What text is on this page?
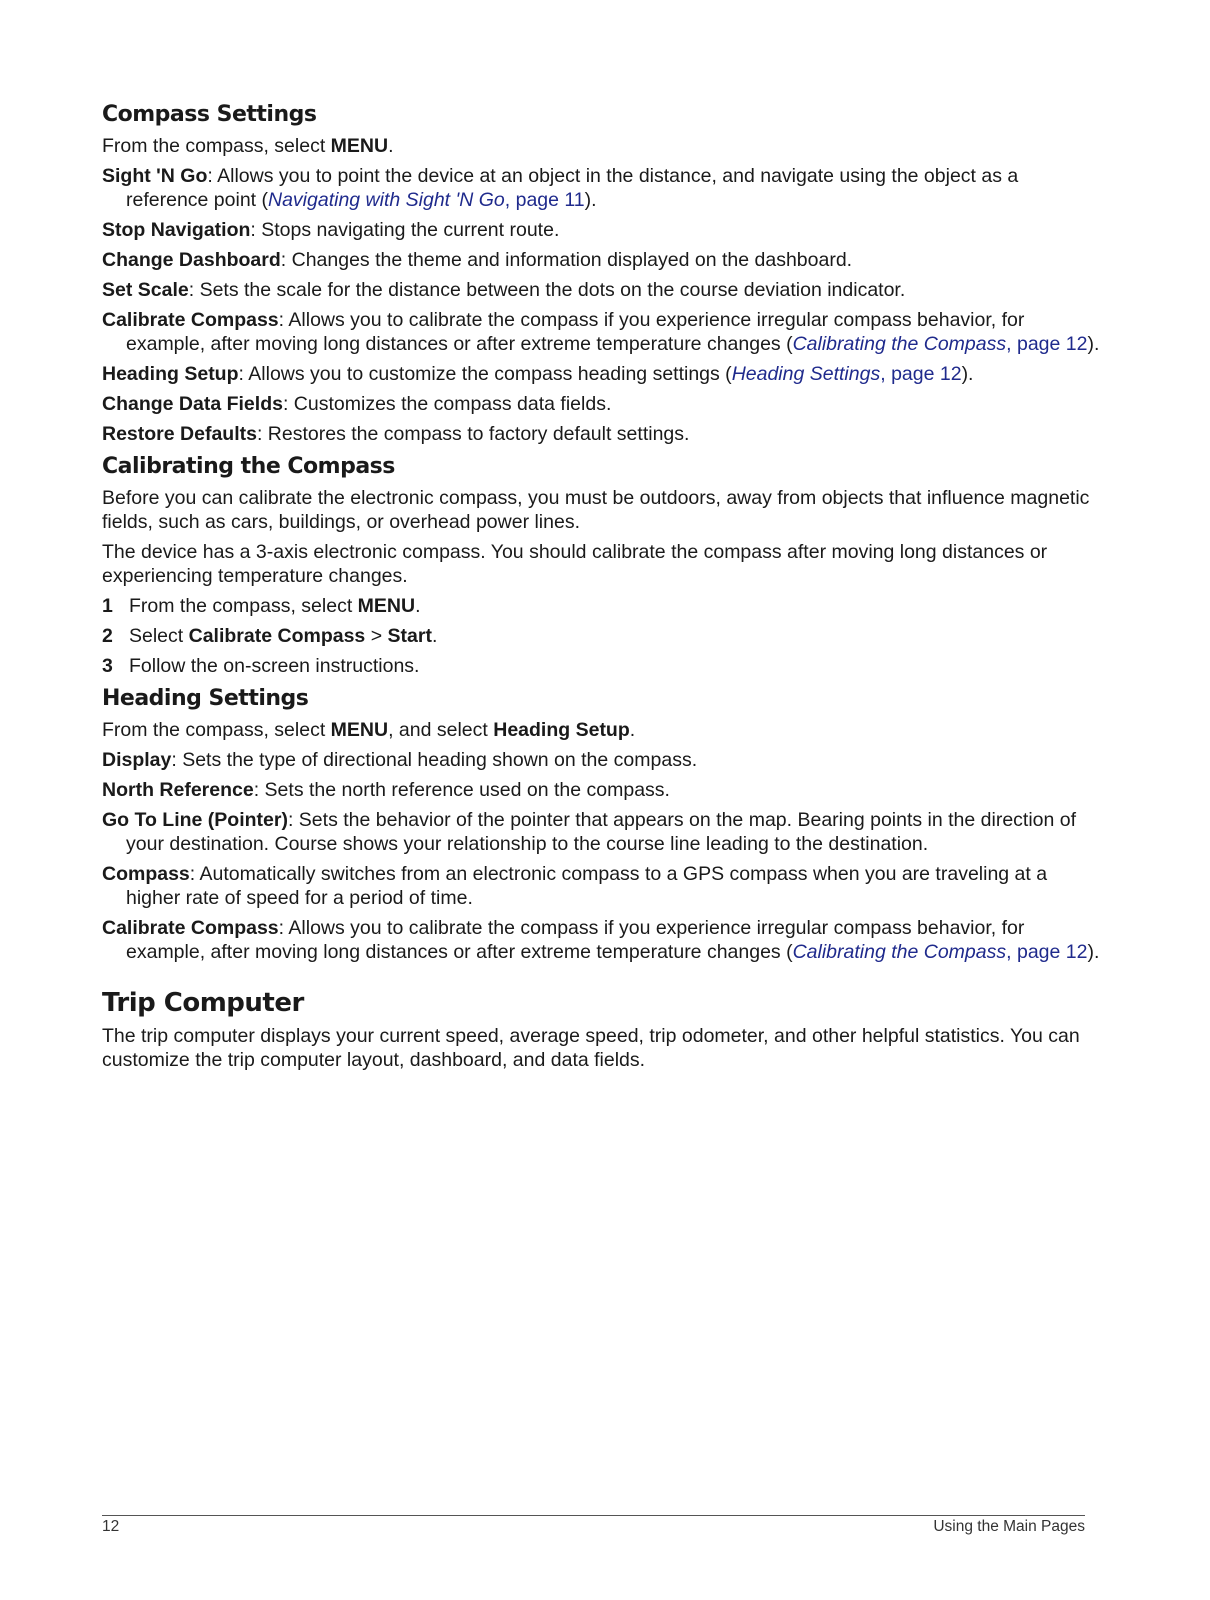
Compass Settings

From the compass, select MENU.

Sight 'N Go: Allows you to point the device at an object in the distance, and navigate using the object as a reference point (Navigating with Sight 'N Go, page 11).

Stop Navigation: Stops navigating the current route.

Change Dashboard: Changes the theme and information displayed on the dashboard.

Set Scale: Sets the scale for the distance between the dots on the course deviation indicator.

Calibrate Compass: Allows you to calibrate the compass if you experience irregular compass behavior, for example, after moving long distances or after extreme temperature changes (Calibrating the Compass, page 12).

Heading Setup: Allows you to customize the compass heading settings (Heading Settings, page 12).

Change Data Fields: Customizes the compass data fields.

Restore Defaults: Restores the compass to factory default settings.

Calibrating the Compass

Before you can calibrate the electronic compass, you must be outdoors, away from objects that influence magnetic fields, such as cars, buildings, or overhead power lines.

The device has a 3-axis electronic compass. You should calibrate the compass after moving long distances or experiencing temperature changes.

1 From the compass, select MENU.
2 Select Calibrate Compass > Start.
3 Follow the on-screen instructions.
Heading Settings

From the compass, select MENU, and select Heading Setup.

Display: Sets the type of directional heading shown on the compass.

North Reference: Sets the north reference used on the compass.

Go To Line (Pointer): Sets the behavior of the pointer that appears on the map. Bearing points in the direction of your destination. Course shows your relationship to the course line leading to the destination.

Compass: Automatically switches from an electronic compass to a GPS compass when you are traveling at a higher rate of speed for a period of time.

Calibrate Compass: Allows you to calibrate the compass if you experience irregular compass behavior, for example, after moving long distances or after extreme temperature changes (Calibrating the Compass, page 12).

Trip Computer

The trip computer displays your current speed, average speed, trip odometer, and other helpful statistics. You can customize the trip computer layout, dashboard, and data fields.

12	Using the Main Pages
